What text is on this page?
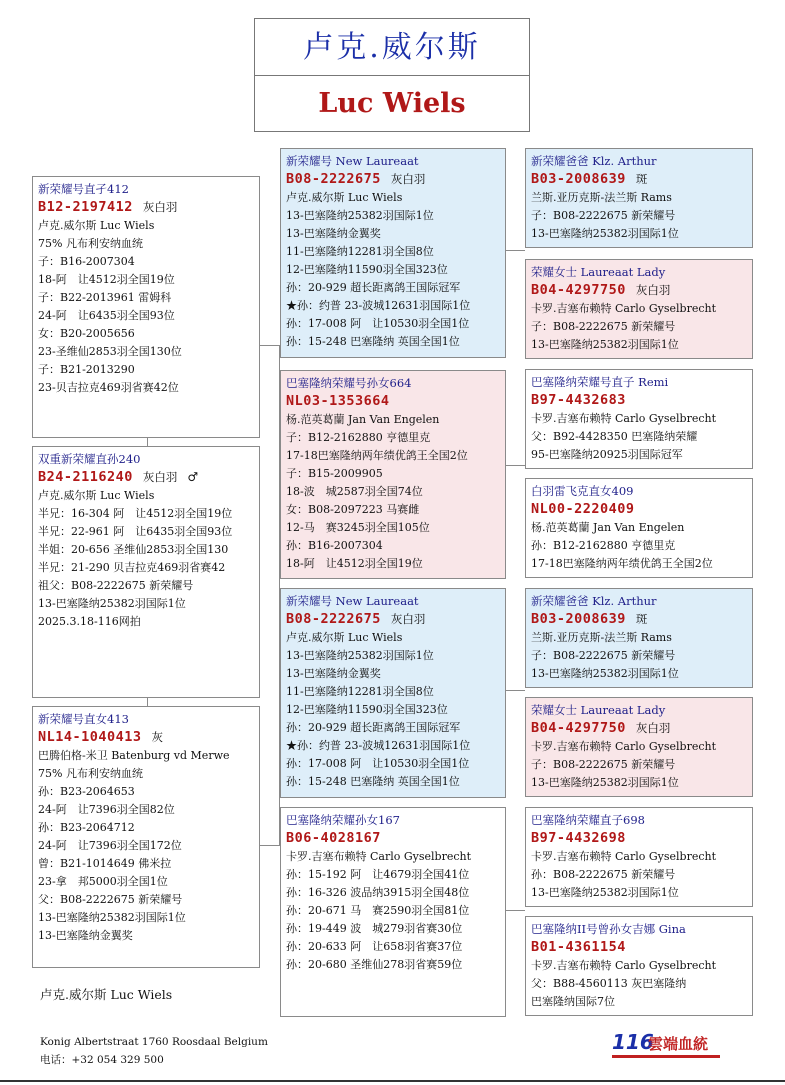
卢克.威尔斯
Luc Wiels
新荣耀号直孑412
B12-2197412 灰白羽
卢克.威尔斯 Luc Wiels
75% 凡布利安纳血统
子：B16-2007304
18-阿　让4512羽全国19位
子：B22-2013961 雷姆科
24-阿　让6435羽全国93位
女：B20-2005656
23-圣维仙2853羽全国130位
子：B21-2013290
23-贝吉拉克469羽省赛42位
双重新荣耀直孙240
B24-2116240 灰白羽 ♂
卢克.威尔斯 Luc Wiels
半兄：16-304 阿　让4512羽全国19位
半兄：22-961 阿　让6435羽全国93位
半姐：20-656 圣维仙2853羽全国130
半兄：21-290 贝吉拉克469羽省赛42
祖父：B08-2222675 新荣耀号
13-巴塞隆纳25382羽国际1位
2025.3.18-116网拍
新荣耀号直女413
NL14-1040413 灰
巴腾伯格-米卫 Batenburg vd Merwe
75% 凡布利安纳血统
孙：B23-2064653
24-阿　让7396羽全国82位
孙：B23-2064712
24-阿　让7396羽全国172位
曾：B21-1014649 佛米拉
23-拿　邦5000羽全国1位
父：B08-2222675 新荣耀号
13-巴塞隆纳25382羽国际1位
13-巴塞隆纳金翼奖
新荣耀号 New Laureaat
B08-2222675 灰白羽
卢克.威尔斯 Luc Wiels
13-巴塞隆纳25382羽国际1位
13-巴塞隆纳金翼奖
11-巴塞隆纳12281羽全国8位
12-巴塞隆纳11590羽全国323位
孙：20-929 超长距离鸽王国际冠军
★孙：约普 23-波城12631羽国际1位
孙：17-008 阿　让10530羽全国1位
孙：15-248 巴塞隆纳 英国全国1位
巴塞隆纳荣耀号孙女664
NL03-1353664
杨.范英葛蘭 Jan Van Engelen
子：B12-2162880 亨德里克
17-18巴塞隆纳两年绩优鸽王全国2位
子：B15-2009905
18-波　城2587羽全国74位
女：B08-2097223 马赛雌
12-马　赛3245羽全国105位
孙：B16-2007304
18-阿　让4512羽全国19位
新荣耀号 New Laureaat
B08-2222675 灰白羽
卢克.威尔斯 Luc Wiels
13-巴塞隆纳25382羽国际1位
13-巴塞隆纳金翼奖
11-巴塞隆纳12281羽全国8位
12-巴塞隆纳11590羽全国323位
孙：20-929 超长距离鸽王国际冠军
★孙：约普 23-波城12631羽国际1位
孙：17-008 阿　让10530羽全国1位
孙：15-248 巴塞隆纳 英国全国1位
巴塞隆纳荣耀孙女167
B06-4028167
卡罗.吉塞布赖特 Carlo Gyselbrecht
孙：15-192 阿　让4679羽全国41位
孙：16-326 波品纳3915羽全国48位
孙：20-671 马　赛2590羽全国81位
孙：19-449 波　城279羽省赛30位
孙：20-633 阿　让658羽省赛37位
孙：20-680 圣维仙278羽省赛59位
新荣耀爸爸 Klz. Arthur
B03-2008639 斑
兰斯.亚历克斯-法兰斯 Rams
子：B08-2222675 新荣耀号
13-巴塞隆纳25382羽国际1位
荣耀女士 Laureaat Lady
B04-4297750 灰白羽
卡罗.吉塞布赖特 Carlo Gyselbrecht
子：B08-2222675 新荣耀号
13-巴塞隆纳25382羽国际1位
巴塞隆纳荣耀号直子 Remi
B97-4432683
卡罗.吉塞布赖特 Carlo Gyselbrecht
父：B92-4428350 巴塞隆纳荣耀
95-巴塞隆纳20925羽国际冠军
白羽雷飞克直女409
NL00-2220409
杨.范英葛蘭 Jan Van Engelen
孙：B12-2162880 亨德里克
17-18巴塞隆纳两年绩优鸽王全国2位
新荣耀爸爸 Klz. Arthur
B03-2008639 斑
兰斯.亚历克斯-法兰斯 Rams
子：B08-2222675 新荣耀号
13-巴塞隆纳25382羽国际1位
荣耀女士 Laureaat Lady
B04-4297750 灰白羽
卡罗.吉塞布赖特 Carlo Gyselbrecht
子：B08-2222675 新荣耀号
13-巴塞隆纳25382羽国际1位
巴塞隆纳荣耀直子698
B97-4432698
卡罗.吉塞布赖特 Carlo Gyselbrecht
孙：B08-2222675 新荣耀号
13-巴塞隆纳25382羽国际1位
巴塞隆纳II号曾孙女吉娜 Gina
B01-4361154
卡罗.吉塞布赖特 Carlo Gyselbrecht
父：B88-4560113 灰巴塞隆纳
巴塞隆纳国际7位
卢克.威尔斯 Luc Wiels
Konig Albertstraat 1760 Roosdaal Belgium
电话：+32 054 329 500
116
雲端血統
